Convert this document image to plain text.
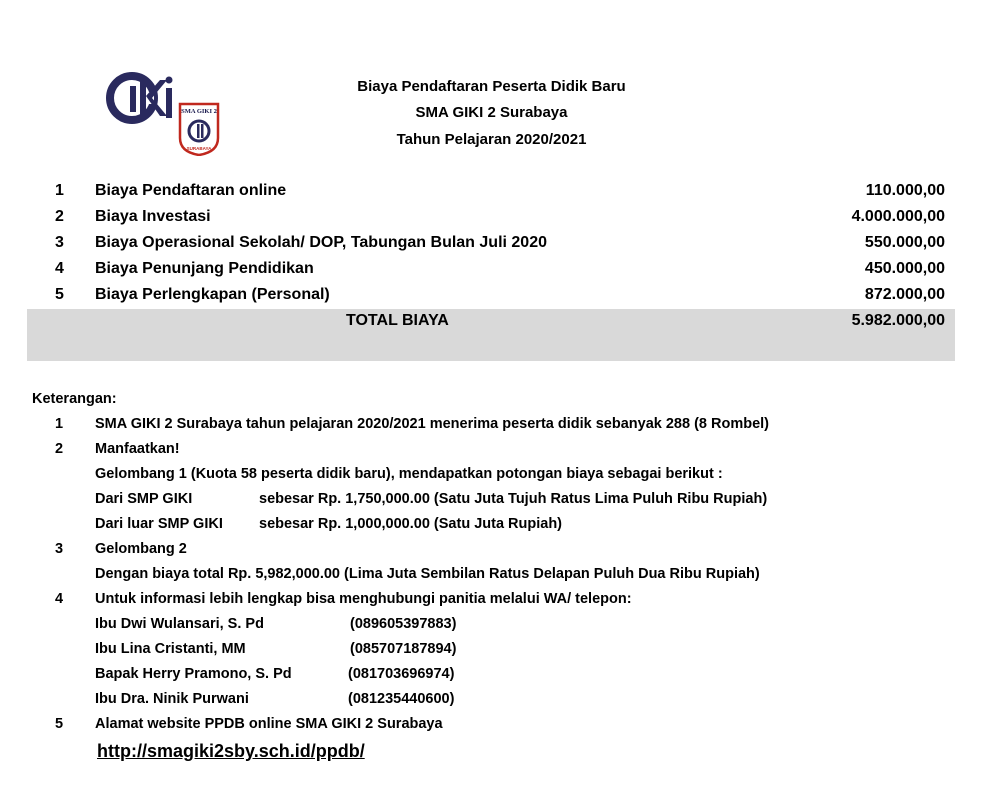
SMA GIKI 2
SURABAYA
Biaya Pendaftaran Peserta Didik Baru
SMA GIKI 2 Surabaya
Tahun Pelajaran 2020/2021
1 Biaya Pendaftaran online	110.000,00
2 Biaya Investasi	4.000.000,00
3 Biaya Operasional Sekolah/ DOP, Tabungan Bulan Juli 2020	550.000,00
4 Biaya Penunjang Pendidikan	450.000,00
5 Biaya Perlengkapan (Personal)	872.000,00
TOTAL BIAYA	5.982.000,00
Keterangan:
1 SMA GIKI 2 Surabaya tahun pelajaran 2020/2021 menerima peserta didik sebanyak 288 (8 Rombel)
2 Manfaatkan!
Gelombang 1 (Kuota 58 peserta didik baru), mendapatkan potongan biaya sebagai berikut :
Dari SMP GIKI	sebesar Rp. 1,750,000.00 (Satu Juta Tujuh Ratus Lima Puluh Ribu Rupiah)
Dari luar SMP GIKI sebesar Rp. 1,000,000.00 (Satu Juta Rupiah)
3 Gelombang 2
Dengan biaya total Rp. 5,982,000.00 (Lima Juta Sembilan Ratus Delapan Puluh Dua Ribu Rupiah)
4 Untuk informasi lebih lengkap bisa menghubungi panitia melalui WA/ telepon:
Ibu Dwi Wulansari, S. Pd	(089605397883)
Ibu Lina Cristanti, MM	(085707187894)
Bapak Herry Pramono, S. Pd	(081703696974)
Ibu Dra. Ninik Purwani	(081235440600)
5 Alamat website PPDB online SMA GIKI 2 Surabaya
http://smagiki2sby.sch.id/ppdb/
